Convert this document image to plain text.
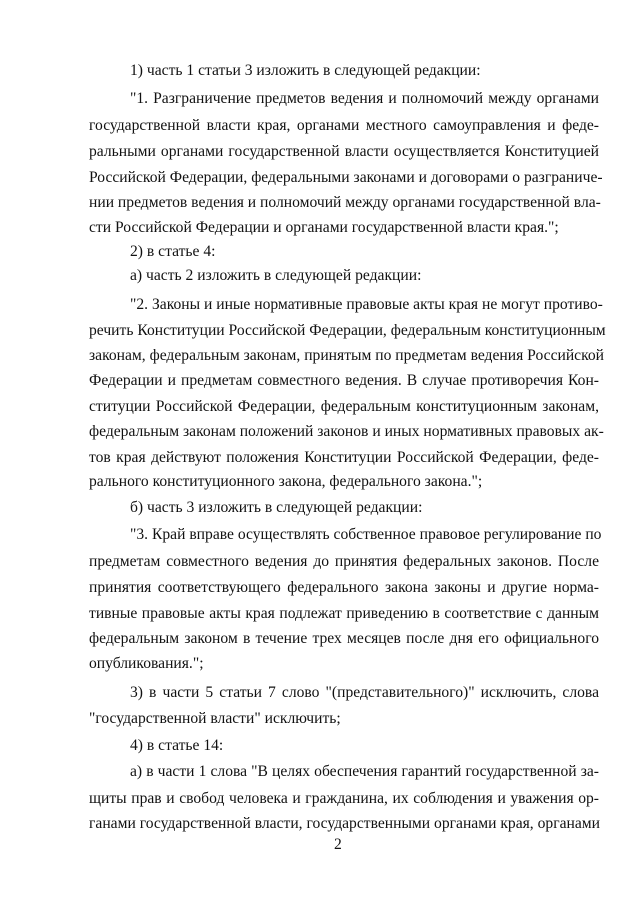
1) часть 1 статьи 3 изложить в следующей редакции:
"1. Разграничение предметов ведения и полномочий между органами
государственной власти края, органами местного самоуправления и феде-
ральными органами государственной власти осуществляется Конституцией
Российской Федерации, федеральными законами и договорами о разграниче-
нии предметов ведения и полномочий между органами государственной вла-
сти Российской Федерации и органами государственной власти края.";
2) в статье 4:
а) часть 2 изложить в следующей редакции:
"2. Законы и иные нормативные правовые акты края не могут противо-
речить Конституции Российской Федерации, федеральным конституционным
законам, федеральным законам, принятым по предметам ведения Российской
Федерации и предметам совместного ведения. В случае противоречия Кон-
ституции Российской Федерации, федеральным конституционным законам,
федеральным законам положений законов и иных нормативных правовых ак-
тов края действуют положения Конституции Российской Федерации, феде-
рального конституционного закона, федерального закона.";
б) часть 3 изложить в следующей редакции:
"3. Край вправе осуществлять собственное правовое регулирование по
предметам совместного ведения до принятия федеральных законов. После
принятия соответствующего федерального закона законы и другие норма-
тивные правовые акты края подлежат приведению в соответствие с данным
федеральным законом в течение трех месяцев после дня его официального
опубликования.";
3) в части 5 статьи 7 слово "(представительного)" исключить, слова
"государственной власти" исключить;
4) в статье 14:
а) в части 1 слова "В целях обеспечения гарантий государственной за-
щиты прав и свобод человека и гражданина, их соблюдения и уважения ор-
ганами государственной власти, государственными органами края, органами
2
